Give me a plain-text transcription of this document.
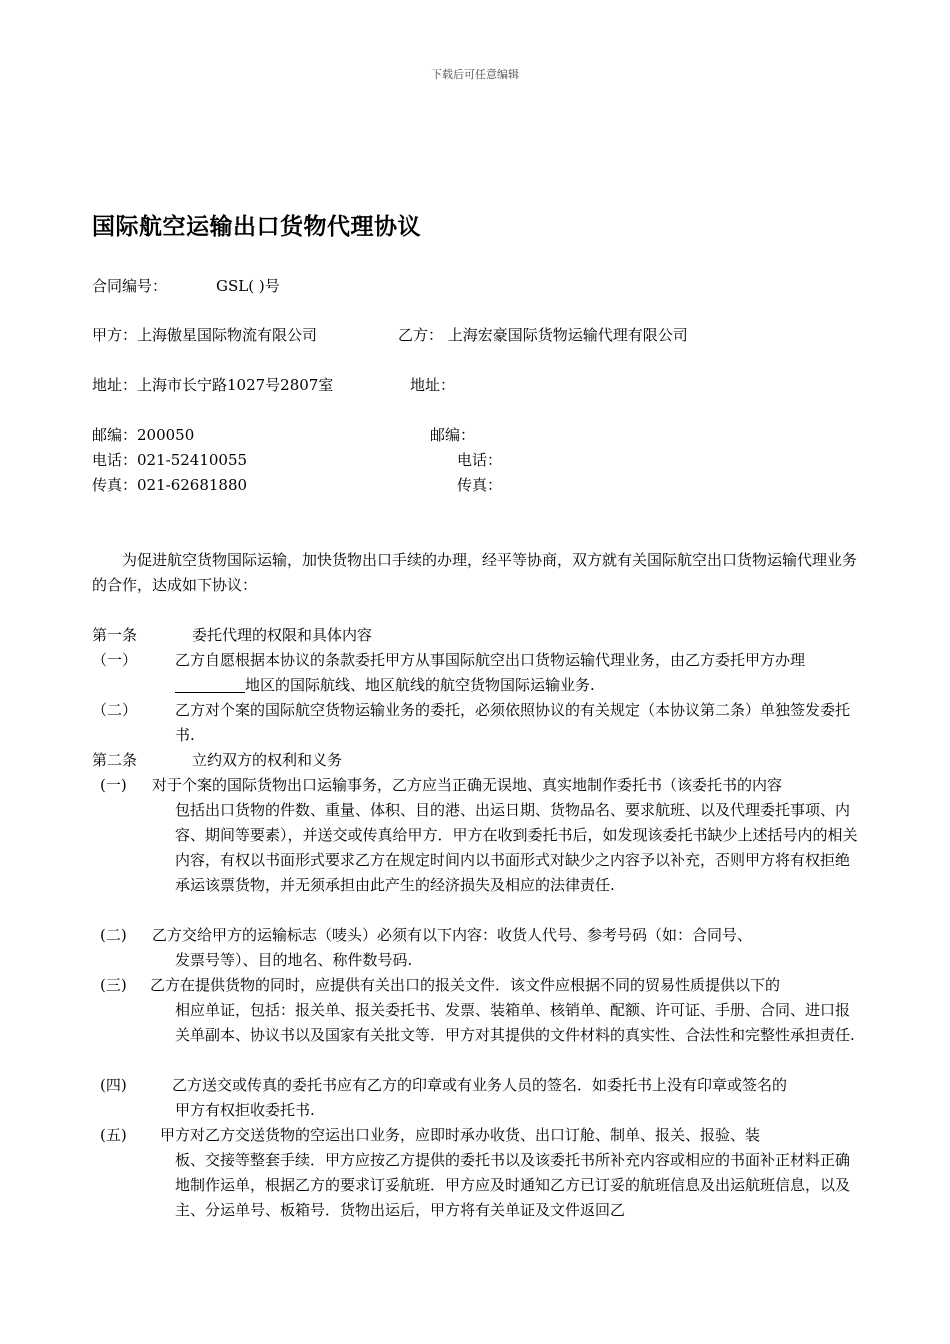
下载后可任意编辑
国际航空运输出口货物代理协议
合同编号：	GSL( )号
甲方：上海傲星国际物流有限公司	乙方： 上海宏豪国际货物运输代理有限公司
地址：上海市长宁路1027号2807室	地址：
邮编：200050	邮编：
电话：021-52410055	电话：
传真：021-62681880	传真：
为促进航空货物国际运输，加快货物出口手续的办理，经平等协商，双方就有关国际航空出口货物运输代理业务的合作，达成如下协议：
第一条	委托代理的权限和具体内容
（一）	乙方自愿根据本协议的条款委托甲方从事国际航空出口货物运输代理业务，由乙方委托甲方办理地区的国际航线、地区航线的航空货物国际运输业务.
（二）	乙方对个案的国际航空货物运输业务的委托，必须依照协议的有关规定（本协议第二条）单独签发委托书.
第二条	立约双方的权利和义务
(一) 对于个案的国际货物出口运输事务，乙方应当正确无误地、真实地制作委托书（该委托书的内容
包括出口货物的件数、重量、体积、目的港、出运日期、货物品名、要求航班、以及代理委托事项、内容、期间等要素），并送交或传真给甲方．甲方在收到委托书后，如发现该委托书缺少上述括号内的相关内容，有权以书面形式要求乙方在规定时间内以书面形式对缺少之内容予以补充，否则甲方将有权拒绝承运该票货物，并无须承担由此产生的经济损失及相应的法律责任.
(二) 乙方交给甲方的运输标志（唛头）必须有以下内容：收货人代号、参考号码（如：合同号、
发票号等）、目的地名、称件数号码.
(三) 乙方在提供货物的同时，应提供有关出口的报关文件．该文件应根据不同的贸易性质提供以下的
相应单证，包括：报关单、报关委托书、发票、装箱单、核销单、配额、许可证、手册、合同、进口报关单副本、协议书以及国家有关批文等．甲方对其提供的文件材料的真实性、合法性和完整性承担责任.
(四)	乙方送交或传真的委托书应有乙方的印章或有业务人员的签名．如委托书上没有印章或签名的
甲方有权拒收委托书.
(五) 甲方对乙方交送货物的空运出口业务，应即时承办收货、出口订舱、制单、报关、报验、装
板、交接等整套手续．甲方应按乙方提供的委托书以及该委托书所补充内容或相应的书面补正材料正确地制作运单，根据乙方的要求订妥航班．甲方应及时通知乙方已订妥的航班信息及出运航班信息，以及主、分运单号、板箱号．货物出运后，甲方将有关单证及文件返回乙
